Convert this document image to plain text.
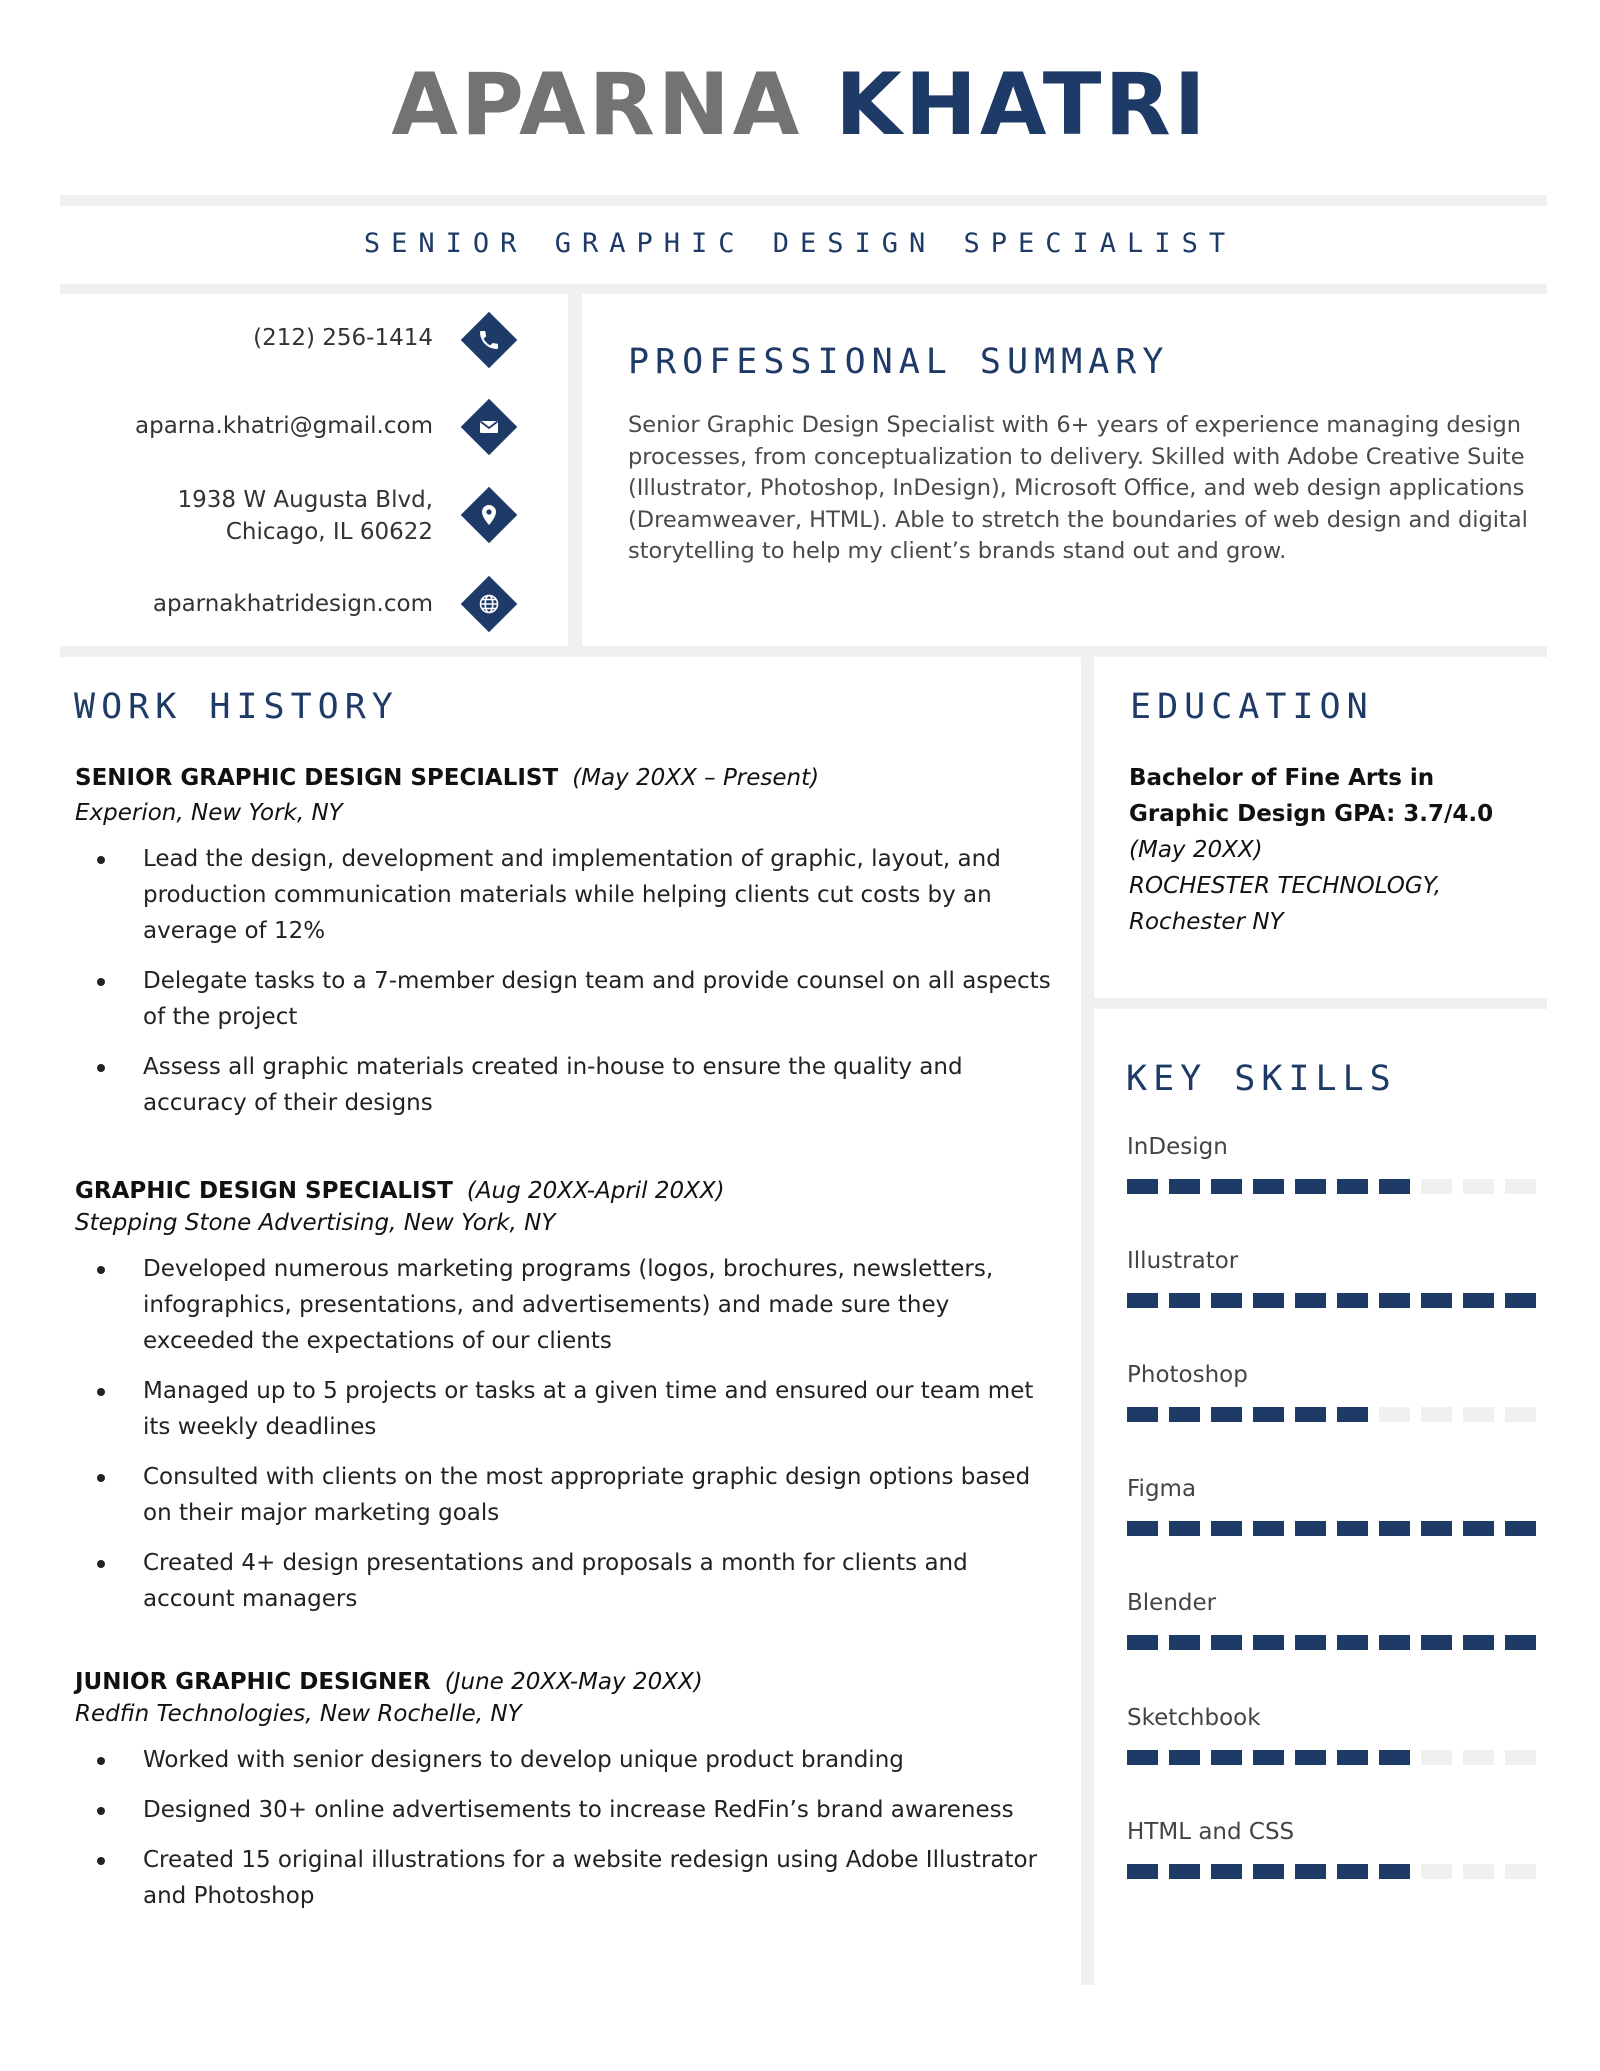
APARNA KHATRI
SENIOR GRAPHIC DESIGN SPECIALIST
(212) 256-1414
aparna.khatri@gmail.com
1938 W Augusta Blvd,
Chicago, IL 60622
aparnakhatridesign.com
PROFESSIONAL SUMMARY
Senior Graphic Design Specialist with 6+ years of experience managing design processes, from conceptualization to delivery. Skilled with Adobe Creative Suite (Illustrator, Photoshop, InDesign), Microsoft Office, and web design applications (Dreamweaver, HTML). Able to stretch the boundaries of web design and digital storytelling to help my client’s brands stand out and grow.
WORK HISTORY
SENIOR GRAPHIC DESIGN SPECIALIST (May 20XX – Present)
Experion, New York, NY
Lead the design, development and implementation of graphic, layout, and production communication materials while helping clients cut costs by an average of 12%
Delegate tasks to a 7-member design team and provide counsel on all aspects of the project
Assess all graphic materials created in-house to ensure the quality and accuracy of their designs
GRAPHIC DESIGN SPECIALIST (Aug 20XX-April 20XX)
Stepping Stone Advertising, New York, NY
Developed numerous marketing programs (logos, brochures, newsletters, infographics, presentations, and advertisements) and made sure they exceeded the expectations of our clients
Managed up to 5 projects or tasks at a given time and ensured our team met its weekly deadlines
Consulted with clients on the most appropriate graphic design options based on their major marketing goals
Created 4+ design presentations and proposals a month for clients and account managers
JUNIOR GRAPHIC DESIGNER (June 20XX-May 20XX)
Redfin Technologies, New Rochelle, NY
Worked with senior designers to develop unique product branding
Designed 30+ online advertisements to increase RedFin’s brand awareness
Created 15 original illustrations for a website redesign using Adobe Illustrator and Photoshop
EDUCATION
Bachelor of Fine Arts in
Graphic Design GPA: 3.7/4.0
(May 20XX)
ROCHESTER TECHNOLOGY,
Rochester NY
KEY SKILLS
InDesign
Illustrator
Photoshop
Figma
Blender
Sketchbook
HTML and CSS
